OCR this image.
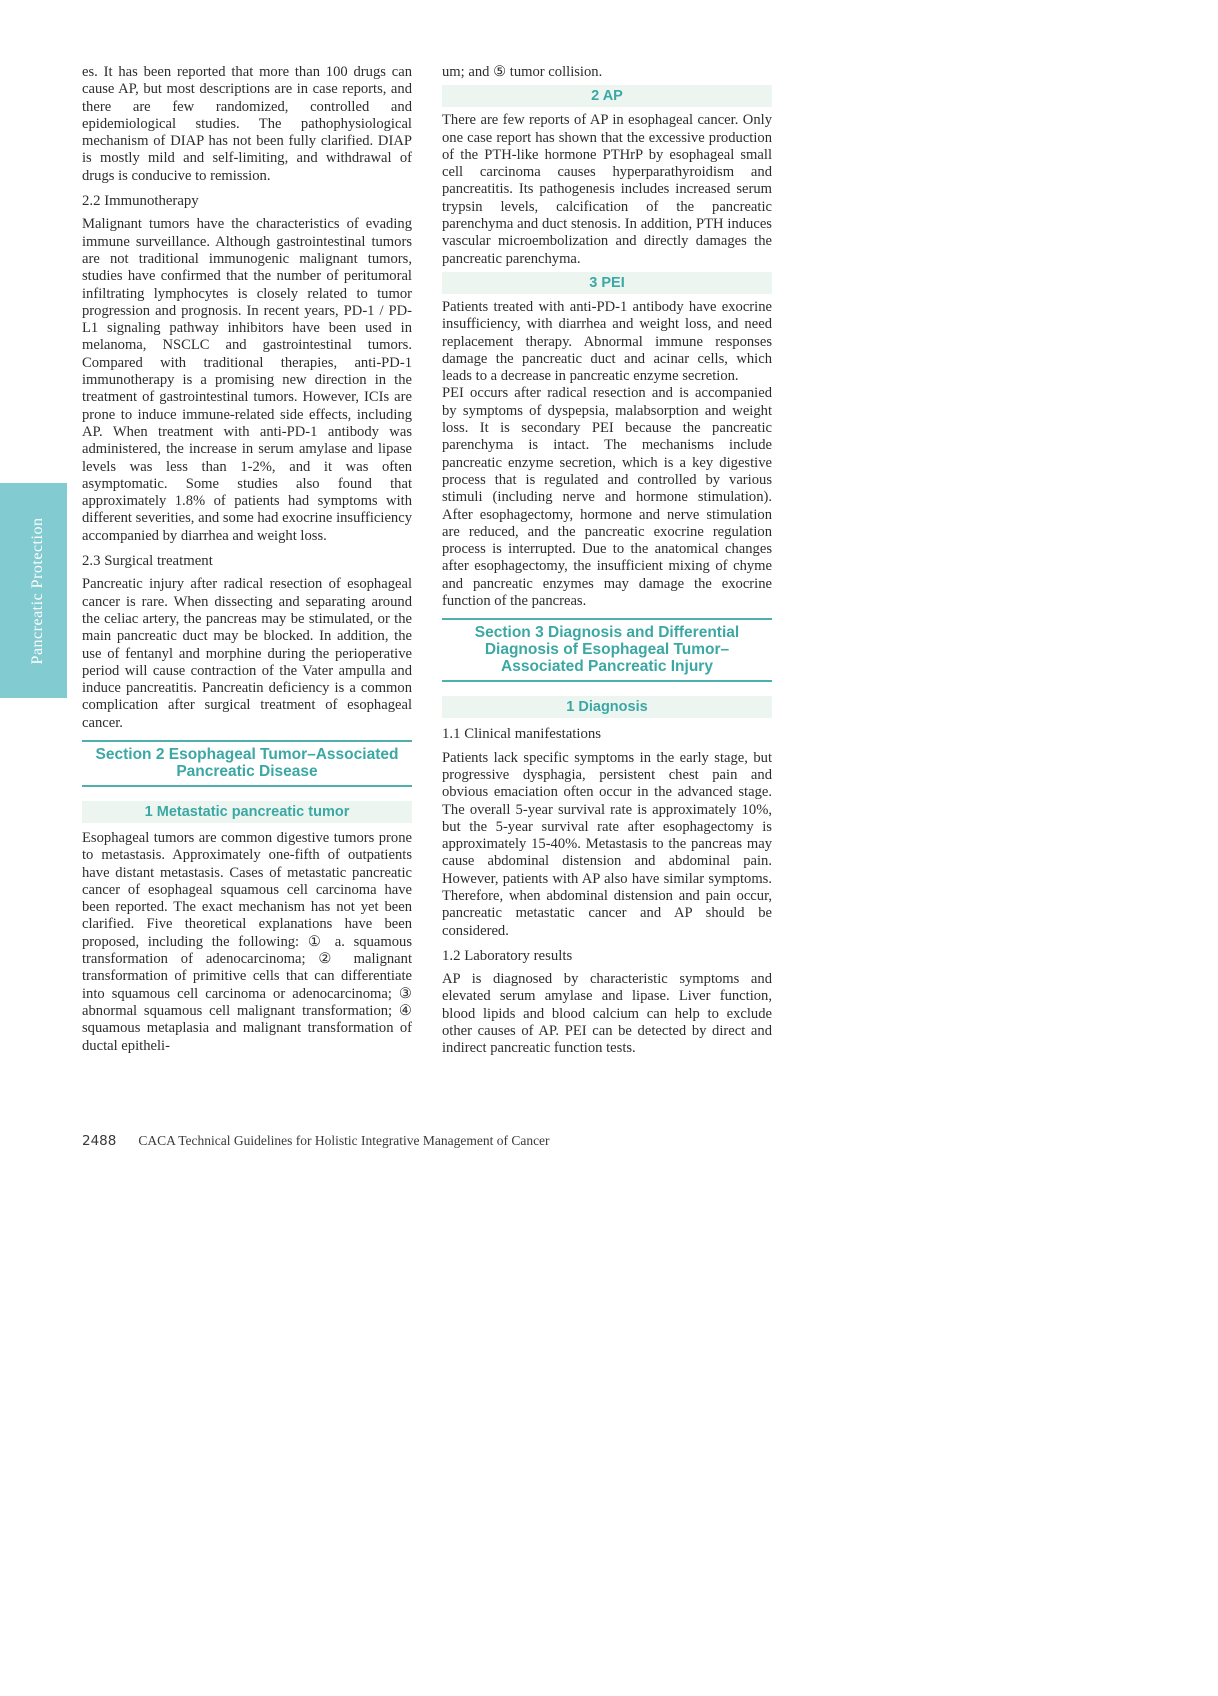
Pancreatic Protection

es. It has been reported that more than 100 drugs can cause AP, but most descriptions are in case reports, and there are few randomized, controlled and epidemiological studies. The pathophysiological mechanism of DIAP has not been fully clarified. DIAP is mostly mild and self-limiting, and withdrawal of drugs is conducive to remission.

2.2 Immunotherapy

Malignant tumors have the characteristics of evading immune surveillance. Although gastrointestinal tumors are not traditional immunogenic malignant tumors, studies have confirmed that the number of peritumoral infiltrating lymphocytes is closely related to tumor progression and prognosis. In recent years, PD-1 / PD-L1 signaling pathway inhibitors have been used in melanoma, NSCLC and gastrointestinal tumors. Compared with traditional therapies, anti-PD-1 immunotherapy is a promising new direction in the treatment of gastrointestinal tumors. However, ICIs are prone to induce immune-related side effects, including AP. When treatment with anti-PD-1 antibody was administered, the increase in serum amylase and lipase levels was less than 1-2%, and it was often asymptomatic. Some studies also found that approximately 1.8% of patients had symptoms with different severities, and some had exocrine insufficiency accompanied by diarrhea and weight loss.

2.3 Surgical treatment

Pancreatic injury after radical resection of esophageal cancer is rare. When dissecting and separating around the celiac artery, the pancreas may be stimulated, or the main pancreatic duct may be blocked. In addition, the use of fentanyl and morphine during the perioperative period will cause contraction of the Vater ampulla and induce pancreatitis. Pancreatin deficiency is a common complication after surgical treatment of esophageal cancer.

Section 2 Esophageal Tumor–Associated
Pancreatic Disease
1 Metastatic pancreatic tumor

Esophageal tumors are common digestive tumors prone to metastasis. Approximately one-fifth of outpatients have distant metastasis. Cases of metastatic pancreatic cancer of esophageal squamous cell carcinoma have been reported. The exact mechanism has not yet been clarified. Five theoretical explanations have been proposed, including the following: ① a. squamous transformation of adenocarcinoma; ② malignant transformation of primitive cells that can differentiate into squamous cell carcinoma or adenocarcinoma; ③ abnormal squamous cell malignant transformation; ④ squamous metaplasia and malignant transformation of ductal epitheli-

um; and ⑤ tumor collision.

2 AP

There are few reports of AP in esophageal cancer. Only one case report has shown that the excessive production of the PTH-like hormone PTHrP by esophageal small cell carcinoma causes hyperparathyroidism and pancreatitis. Its pathogenesis includes increased serum trypsin levels, calcification of the pancreatic parenchyma and duct stenosis. In addition, PTH induces vascular microembolization and directly damages the pancreatic parenchyma.

3 PEI

Patients treated with anti-PD-1 antibody have exocrine insufficiency, with diarrhea and weight loss, and need replacement therapy. Abnormal immune responses damage the pancreatic duct and acinar cells, which leads to a decrease in pancreatic enzyme secretion.

PEI occurs after radical resection and is accompanied by symptoms of dyspepsia, malabsorption and weight loss. It is secondary PEI because the pancreatic parenchyma is intact. The mechanisms include pancreatic enzyme secretion, which is a key digestive process that is regulated and controlled by various stimuli (including nerve and hormone stimulation). After esophagectomy, hormone and nerve stimulation are reduced, and the pancreatic exocrine regulation process is interrupted. Due to the anatomical changes after esophagectomy, the insufficient mixing of chyme and pancreatic enzymes may damage the exocrine function of the pancreas.

Section 3 Diagnosis and Differential
Diagnosis of Esophageal Tumor–
Associated Pancreatic Injury
1 Diagnosis
1.1 Clinical manifestations

Patients lack specific symptoms in the early stage, but progressive dysphagia, persistent chest pain and obvious emaciation often occur in the advanced stage. The overall 5-year survival rate is approximately 10%, but the 5-year survival rate after esophagectomy is approximately 15-40%. Metastasis to the pancreas may cause abdominal distension and abdominal pain. However, patients with AP also have similar symptoms. Therefore, when abdominal distension and pain occur, pancreatic metastatic cancer and AP should be considered.

1.2 Laboratory results

AP is diagnosed by characteristic symptoms and elevated serum amylase and lipase. Liver function, blood lipids and blood calcium can help to exclude other causes of AP. PEI can be detected by direct and indirect pancreatic function tests.

2488 CACA Technical Guidelines for Holistic Integrative Management of Cancer
